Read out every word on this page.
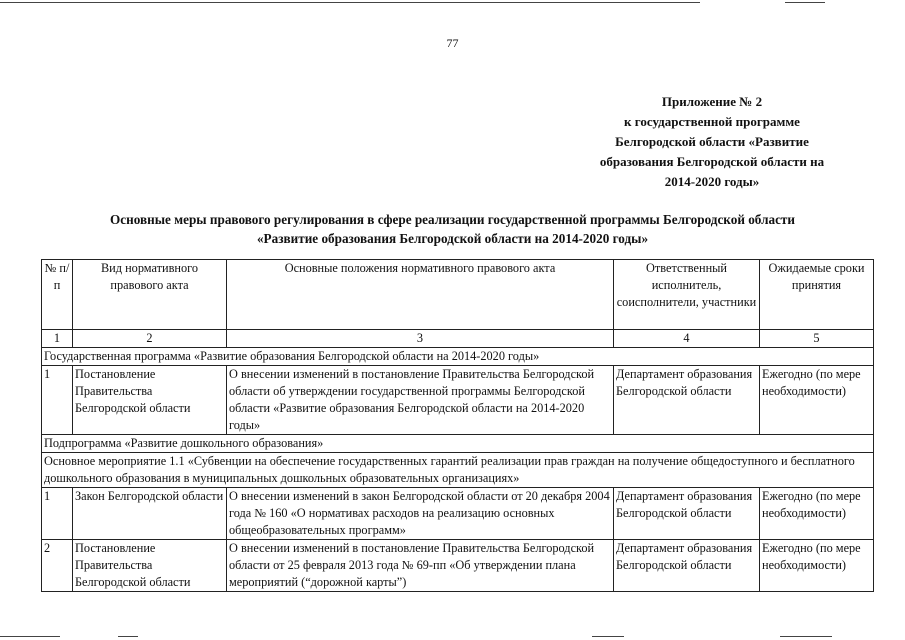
77
Приложение № 2
к государственной программе
Белгородской области «Развитие
образования Белгородской области на
2014-2020 годы»
Основные меры правового регулирования в сфере реализации государственной программы Белгородской области
«Развитие образования Белгородской области на 2014-2020 годы»
№ п/п	Вид нормативного правового акта	Основные положения нормативного правового акта	Ответственный исполнитель, соисполнители, участники	Ожидаемые сроки принятия
1	2	3	4	5
Государственная программа «Развитие образования Белгородской области на 2014-2020 годы»				
1	Постановление Правительства Белгородской области	О внесении изменений в постановление Правительства Белгородской области об утверждении государственной программы Белгородской области «Развитие образования Белгородской области на 2014-2020 годы»	Департамент образования Белгородской области	Ежегодно (по мере необходимости)
Подпрограмма «Развитие дошкольного образования»				
Основное мероприятие 1.1 «Субвенции на обеспечение государственных гарантий реализации прав граждан на получение общедоступного и бесплатного дошкольного образования в муниципальных дошкольных образовательных организациях»				
1	Закон Белгородской области	О внесении изменений в закон Белгородской области от 20 декабря 2004 года № 160 «О нормативах расходов на реализацию основных общеобразовательных программ»	Департамент образования Белгородской области	Ежегодно (по мере необходимости)
2	Постановление Правительства Белгородской области	О внесении изменений в постановление Правительства Белгородской области от 25 февраля 2013 года № 69-пп «Об утверждении плана мероприятий (“дорожной карты”)	Департамент образования Белгородской области	Ежегодно (по мере необходимости)
